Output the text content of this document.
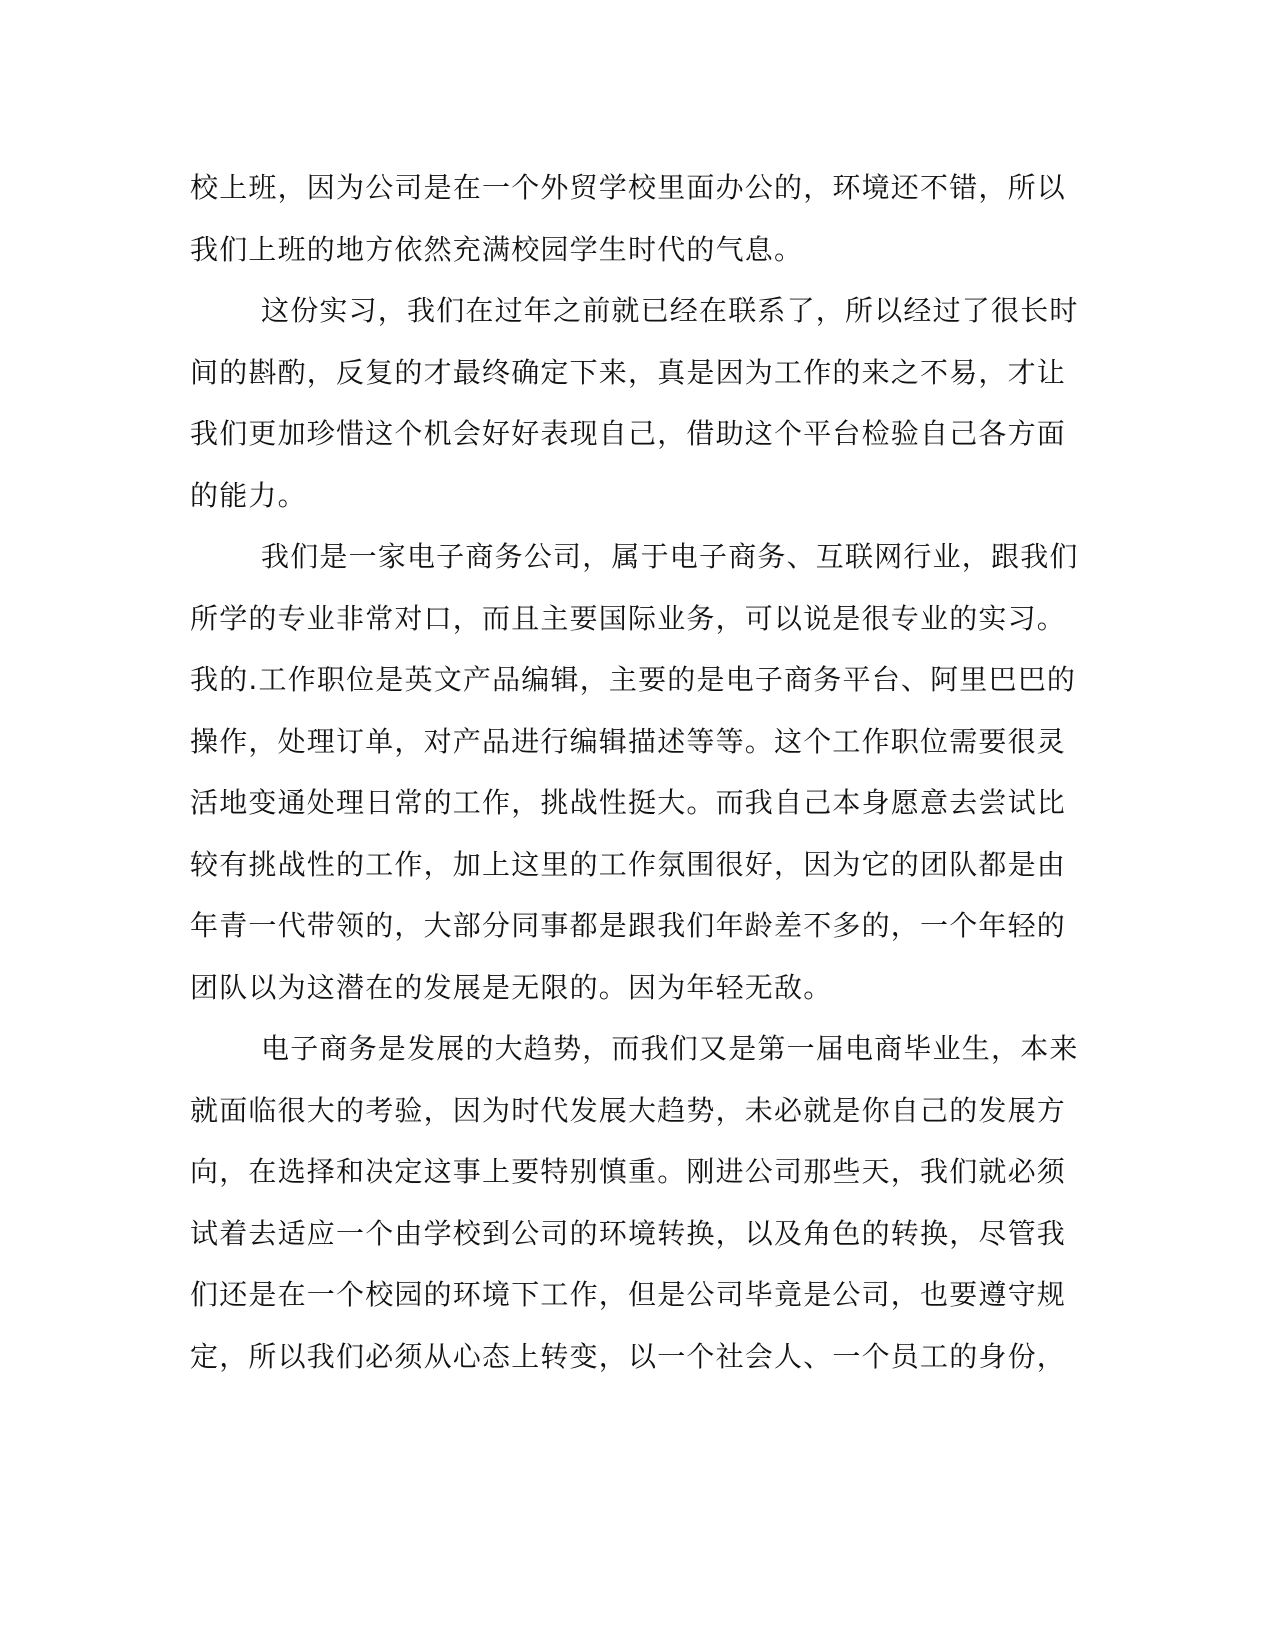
校上班，因为公司是在一个外贸学校里面办公的，环境还不错，所以
我们上班的地方依然充满校园学生时代的气息。
这份实习，我们在过年之前就已经在联系了，所以经过了很长时
间的斟酌，反复的才最终确定下来，真是因为工作的来之不易，才让
我们更加珍惜这个机会好好表现自己，借助这个平台检验自己各方面
的能力。
我们是一家电子商务公司，属于电子商务、互联网行业，跟我们
所学的专业非常对口，而且主要国际业务，可以说是很专业的实习。
我的.工作职位是英文产品编辑，主要的是电子商务平台、阿里巴巴的
操作，处理订单，对产品进行编辑描述等等。这个工作职位需要很灵
活地变通处理日常的工作，挑战性挺大。而我自己本身愿意去尝试比
较有挑战性的工作，加上这里的工作氛围很好，因为它的团队都是由
年青一代带领的，大部分同事都是跟我们年龄差不多的，一个年轻的
团队以为这潜在的发展是无限的。因为年轻无敌。
电子商务是发展的大趋势，而我们又是第一届电商毕业生，本来
就面临很大的考验，因为时代发展大趋势，未必就是你自己的发展方
向，在选择和决定这事上要特别慎重。刚进公司那些天，我们就必须
试着去适应一个由学校到公司的环境转换，以及角色的转换，尽管我
们还是在一个校园的环境下工作，但是公司毕竟是公司，也要遵守规
定，所以我们必须从心态上转变，以一个社会人、一个员工的身份，
